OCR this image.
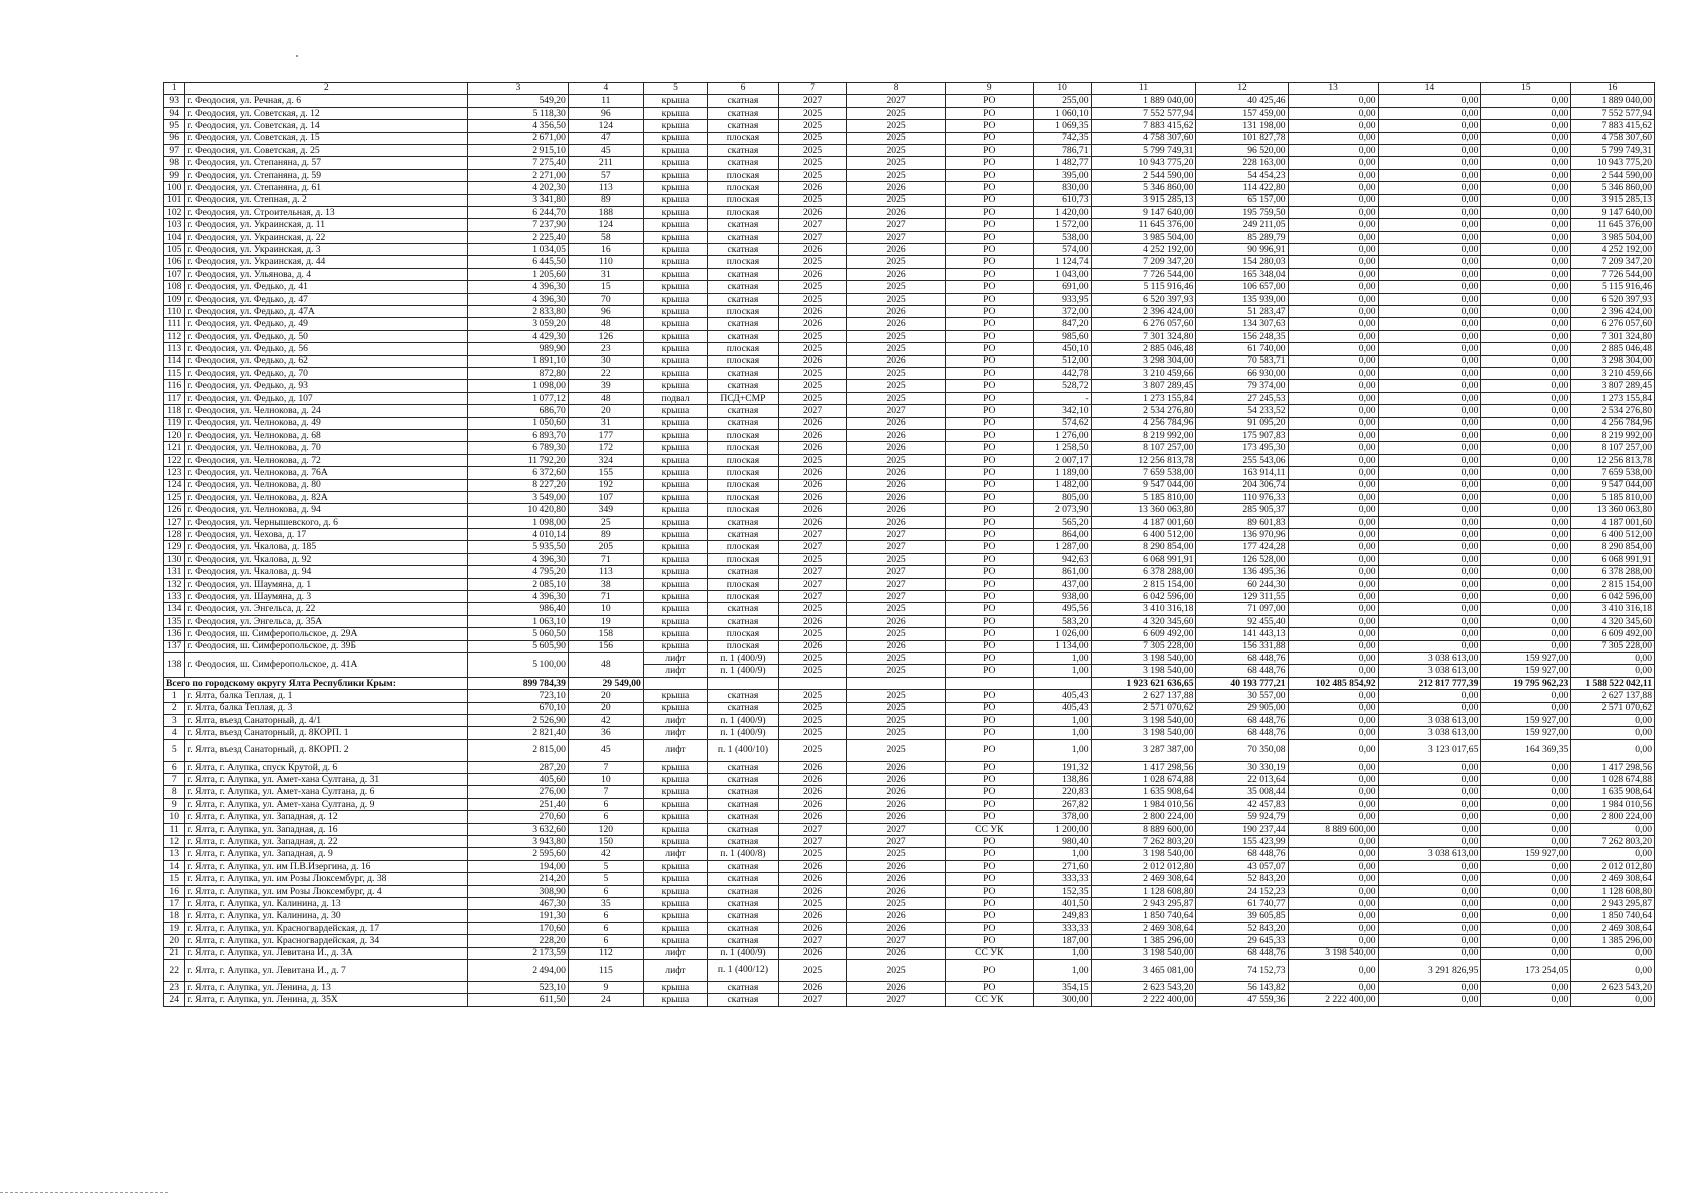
1	2	3	4	5	6	7	8	9	10	11	12	13	14	15	16
93	г. Феодосия, ул. Речная, д. 6	549,20	11	крыша	скатная	2027	2027	РО	255,00	1 889 040,00	40 425,46	0,00	0,00	0,00	1 889 040,00
94	г. Феодосия, ул. Советская, д. 12	5 118,30	96	крыша	скатная	2025	2025	РО	1 060,10	7 552 577,94	157 459,00	0,00	0,00	0,00	7 552 577,94
95	г. Феодосия, ул. Советская, д. 14	4 356,50	124	крыша	скатная	2025	2025	РО	1 069,35	7 883 415,62	131 198,00	0,00	0,00	0,00	7 883 415,62
96	г. Феодосия, ул. Советская, д. 15	2 671,00	47	крыша	плоская	2025	2025	РО	742,35	4 758 307,60	101 827,78	0,00	0,00	0,00	4 758 307,60
97	г. Феодосия, ул. Советская, д. 25	2 915,10	45	крыша	скатная	2025	2025	РО	786,71	5 799 749,31	96 520,00	0,00	0,00	0,00	5 799 749,31
98	г. Феодосия, ул. Степаняна, д. 57	7 275,40	211	крыша	скатная	2025	2025	РО	1 482,77	10 943 775,20	228 163,00	0,00	0,00	0,00	10 943 775,20
99	г. Феодосия, ул. Степаняна, д. 59	2 271,00	57	крыша	плоская	2025	2025	РО	395,00	2 544 590,00	54 454,23	0,00	0,00	0,00	2 544 590,00
100	г. Феодосия, ул. Степаняна, д. 61	4 202,30	113	крыша	плоская	2026	2026	РО	830,00	5 346 860,00	114 422,80	0,00	0,00	0,00	5 346 860,00
101	г. Феодосия, ул. Степная, д. 2	3 341,80	89	крыша	плоская	2025	2025	РО	610,73	3 915 285,13	65 157,00	0,00	0,00	0,00	3 915 285,13
102	г. Феодосия, ул. Строительная, д. 13	6 244,70	188	крыша	плоская	2026	2026	РО	1 420,00	9 147 640,00	195 759,50	0,00	0,00	0,00	9 147 640,00
103	г. Феодосия, ул. Украинская, д. 11	7 237,90	124	крыша	скатная	2027	2027	РО	1 572,00	11 645 376,00	249 211,05	0,00	0,00	0,00	11 645 376,00
104	г. Феодосия, ул. Украинская, д. 22	2 225,40	58	крыша	скатная	2027	2027	РО	538,00	3 985 504,00	85 289,79	0,00	0,00	0,00	3 985 504,00
105	г. Феодосия, ул. Украинская, д. 3	1 034,05	16	крыша	скатная	2026	2026	РО	574,00	4 252 192,00	90 996,91	0,00	0,00	0,00	4 252 192,00
106	г. Феодосия, ул. Украинская, д. 44	6 445,50	110	крыша	плоская	2025	2025	РО	1 124,74	7 209 347,20	154 280,03	0,00	0,00	0,00	7 209 347,20
107	г. Феодосия, ул. Ульянова, д. 4	1 205,60	31	крыша	скатная	2026	2026	РО	1 043,00	7 726 544,00	165 348,04	0,00	0,00	0,00	7 726 544,00
108	г. Феодосия, ул. Федько, д. 41	4 396,30	15	крыша	скатная	2025	2025	РО	691,00	5 115 916,46	106 657,00	0,00	0,00	0,00	5 115 916,46
109	г. Феодосия, ул. Федько, д. 47	4 396,30	70	крыша	скатная	2025	2025	РО	933,95	6 520 397,93	135 939,00	0,00	0,00	0,00	6 520 397,93
110	г. Феодосия, ул. Федько, д. 47А	2 833,80	96	крыша	плоская	2026	2026	РО	372,00	2 396 424,00	51 283,47	0,00	0,00	0,00	2 396 424,00
111	г. Феодосия, ул. Федько, д. 49	3 059,20	48	крыша	скатная	2026	2026	РО	847,20	6 276 057,60	134 307,63	0,00	0,00	0,00	6 276 057,60
112	г. Феодосия, ул. Федько, д. 50	4 429,30	126	крыша	скатная	2025	2025	РО	985,60	7 301 324,80	156 248,35	0,00	0,00	0,00	7 301 324,80
113	г. Феодосия, ул. Федько, д. 56	989,90	23	крыша	плоская	2025	2025	РО	450,10	2 885 046,48	61 740,00	0,00	0,00	0,00	2 885 046,48
114	г. Феодосия, ул. Федько, д. 62	1 891,10	30	крыша	плоская	2026	2026	РО	512,00	3 298 304,00	70 583,71	0,00	0,00	0,00	3 298 304,00
115	г. Феодосия, ул. Федько, д. 70	872,80	22	крыша	скатная	2025	2025	РО	442,78	3 210 459,66	66 930,00	0,00	0,00	0,00	3 210 459,66
116	г. Феодосия, ул. Федько, д. 93	1 098,00	39	крыша	скатная	2025	2025	РО	528,72	3 807 289,45	79 374,00	0,00	0,00	0,00	3 807 289,45
117	г. Феодосия, ул. Федько, д. 107	1 077,12	48	подвал	ПСД+СМР	2025	2025	РО	-	1 273 155,84	27 245,53	0,00	0,00	0,00	1 273 155,84
118	г. Феодосия, ул. Челнокова, д. 24	686,70	20	крыша	скатная	2027	2027	РО	342,10	2 534 276,80	54 233,52	0,00	0,00	0,00	2 534 276,80
119	г. Феодосия, ул. Челнокова, д. 49	1 050,60	31	крыша	скатная	2026	2026	РО	574,62	4 256 784,96	91 095,20	0,00	0,00	0,00	4 256 784,96
120	г. Феодосия, ул. Челнокова, д. 68	6 893,70	177	крыша	плоская	2026	2026	РО	1 276,00	8 219 992,00	175 907,83	0,00	0,00	0,00	8 219 992,00
121	г. Феодосия, ул. Челнокова, д. 70	6 789,30	172	крыша	плоская	2026	2026	РО	1 258,50	8 107 257,00	173 495,30	0,00	0,00	0,00	8 107 257,00
122	г. Феодосия, ул. Челнокова, д. 72	11 792,20	324	крыша	плоская	2025	2025	РО	2 007,17	12 256 813,78	255 543,06	0,00	0,00	0,00	12 256 813,78
123	г. Феодосия, ул. Челнокова, д. 76А	6 372,60	155	крыша	плоская	2026	2026	РО	1 189,00	7 659 538,00	163 914,11	0,00	0,00	0,00	7 659 538,00
124	г. Феодосия, ул. Челнокова, д. 80	8 227,20	192	крыша	плоская	2026	2026	РО	1 482,00	9 547 044,00	204 306,74	0,00	0,00	0,00	9 547 044,00
125	г. Феодосия, ул. Челнокова, д. 82А	3 549,00	107	крыша	плоская	2026	2026	РО	805,00	5 185 810,00	110 976,33	0,00	0,00	0,00	5 185 810,00
126	г. Феодосия, ул. Челнокова, д. 94	10 420,80	349	крыша	плоская	2026	2026	РО	2 073,90	13 360 063,80	285 905,37	0,00	0,00	0,00	13 360 063,80
127	г. Феодосия, ул. Чернышевского, д. 6	1 098,00	25	крыша	скатная	2026	2026	РО	565,20	4 187 001,60	89 601,83	0,00	0,00	0,00	4 187 001,60
128	г. Феодосия, ул. Чехова, д. 17	4 010,14	89	крыша	скатная	2027	2027	РО	864,00	6 400 512,00	136 970,96	0,00	0,00	0,00	6 400 512,00
129	г. Феодосия, ул. Чкалова, д. 185	5 935,50	205	крыша	плоская	2027	2027	РО	1 287,00	8 290 854,00	177 424,28	0,00	0,00	0,00	8 290 854,00
130	г. Феодосия, ул. Чкалова, д. 92	4 396,30	71	крыша	плоская	2025	2025	РО	942,63	6 068 991,91	126 528,00	0,00	0,00	0,00	6 068 991,91
131	г. Феодосия, ул. Чкалова, д. 94	4 795,20	113	крыша	скатная	2027	2027	РО	861,00	6 378 288,00	136 495,36	0,00	0,00	0,00	6 378 288,00
132	г. Феодосия, ул. Шаумяна, д. 1	2 085,10	38	крыша	плоская	2027	2027	РО	437,00	2 815 154,00	60 244,30	0,00	0,00	0,00	2 815 154,00
133	г. Феодосия, ул. Шаумяна, д. 3	4 396,30	71	крыша	плоская	2027	2027	РО	938,00	6 042 596,00	129 311,55	0,00	0,00	0,00	6 042 596,00
134	г. Феодосия, ул. Энгельса, д. 22	986,40	10	крыша	скатная	2025	2025	РО	495,56	3 410 316,18	71 097,00	0,00	0,00	0,00	3 410 316,18
135	г. Феодосия, ул. Энгельса, д. 35А	1 063,10	19	крыша	скатная	2026	2026	РО	583,20	4 320 345,60	92 455,40	0,00	0,00	0,00	4 320 345,60
136	г. Феодосия, ш. Симферопольское, д. 29А	5 060,50	158	крыша	плоская	2025	2025	РО	1 026,00	6 609 492,00	141 443,13	0,00	0,00	0,00	6 609 492,00
137	г. Феодосия, ш. Симферопольское, д. 39Б	5 605,90	156	крыша	плоская	2026	2026	РО	1 134,00	7 305 228,00	156 331,88	0,00	0,00	0,00	7 305 228,00
138	г. Феодосия, ш. Симферопольское, д. 41А	5 100,00	48	лифт	п. 1 (400/9)	2025	2025	РО	1,00	3 198 540,00	68 448,76	0,00	3 038 613,00	159 927,00	0,00
				лифт	п. 1 (400/9)	2025	2025	РО	1,00	3 198 540,00	68 448,76	0,00	3 038 613,00	159 927,00	0,00
Всего по городскому округу Ялта Республики Крым:		899 784,39	29 549,00							1 923 621 636,65	40 193 777,21	102 485 854,92	212 817 777,39	19 795 962,23	1 588 522 042,11
1	г. Ялта, балка Теплая, д. 1	723,10	20	крыша	скатная	2025	2025	РО	405,43	2 627 137,88	30 557,00	0,00	0,00	0,00	2 627 137,88
2	г. Ялта, балка Теплая, д. 3	670,10	20	крыша	скатная	2025	2025	РО	405,43	2 571 070,62	29 905,00	0,00	0,00	0,00	2 571 070,62
3	г. Ялта, въезд Санаторный, д. 4/1	2 526,90	42	лифт	п. 1 (400/9)	2025	2025	РО	1,00	3 198 540,00	68 448,76	0,00	3 038 613,00	159 927,00	0,00
4	г. Ялта, въезд Санаторный, д. 8КОРП. 1	2 821,40	36	лифт	п. 1 (400/9)	2025	2025	РО	1,00	3 198 540,00	68 448,76	0,00	3 038 613,00	159 927,00	0,00
5	г. Ялта, въезд Санаторный, д. 8КОРП. 2	2 815,00	45	лифт	п. 1 (400/10)	2025	2025	РО	1,00	3 287 387,00	70 350,08	0,00	3 123 017,65	164 369,35	0,00
6	г. Ялта, г. Алупка, спуск Крутой, д. 6	287,20	7	крыша	скатная	2026	2026	РО	191,32	1 417 298,56	30 330,19	0,00	0,00	0,00	1 417 298,56
7	г. Ялта, г. Алупка, ул. Амет-хана Султана, д. 31	405,60	10	крыша	скатная	2026	2026	РО	138,86	1 028 674,88	22 013,64	0,00	0,00	0,00	1 028 674,88
8	г. Ялта, г. Алупка, ул. Амет-хана Султана, д. 6	276,00	7	крыша	скатная	2026	2026	РО	220,83	1 635 908,64	35 008,44	0,00	0,00	0,00	1 635 908,64
9	г. Ялта, г. Алупка, ул. Амет-хана Султана, д. 9	251,40	6	крыша	скатная	2026	2026	РО	267,82	1 984 010,56	42 457,83	0,00	0,00	0,00	1 984 010,56
10	г. Ялта, г. Алупка, ул. Западная, д. 12	270,60	6	крыша	скатная	2026	2026	РО	378,00	2 800 224,00	59 924,79	0,00	0,00	0,00	2 800 224,00
11	г. Ялта, г. Алупка, ул. Западная, д. 16	3 632,60	120	крыша	скатная	2027	2027	СС УК	1 200,00	8 889 600,00	190 237,44	8 889 600,00	0,00	0,00	0,00
12	г. Ялта, г. Алупка, ул. Западная, д. 22	3 943,80	150	крыша	скатная	2027	2027	РО	980,40	7 262 803,20	155 423,99	0,00	0,00	0,00	7 262 803,20
13	г. Ялта, г. Алупка, ул. Западная, д. 9	2 595,60	42	лифт	п. 1 (400/8)	2025	2025	РО	1,00	3 198 540,00	68 448,76	0,00	3 038 613,00	159 927,00	0,00
14	г. Ялта, г. Алупка, ул. им П.В.Изергина, д. 16	194,00	5	крыша	скатная	2026	2026	РО	271,60	2 012 012,80	43 057,07	0,00	0,00	0,00	2 012 012,80
15	г. Ялта, г. Алупка, ул. им Розы Люксембург, д. 38	214,20	5	крыша	скатная	2026	2026	РО	333,33	2 469 308,64	52 843,20	0,00	0,00	0,00	2 469 308,64
16	г. Ялта, г. Алупка, ул. им Розы Люксембург, д. 4	308,90	6	крыша	скатная	2026	2026	РО	152,35	1 128 608,80	24 152,23	0,00	0,00	0,00	1 128 608,80
17	г. Ялта, г. Алупка, ул. Калинина, д. 13	467,30	35	крыша	скатная	2025	2025	РО	401,50	2 943 295,87	61 740,77	0,00	0,00	0,00	2 943 295,87
18	г. Ялта, г. Алупка, ул. Калинина, д. 30	191,30	6	крыша	скатная	2026	2026	РО	249,83	1 850 740,64	39 605,85	0,00	0,00	0,00	1 850 740,64
19	г. Ялта, г. Алупка, ул. Красногвардейская, д. 17	170,60	6	крыша	скатная	2026	2026	РО	333,33	2 469 308,64	52 843,20	0,00	0,00	0,00	2 469 308,64
20	г. Ялта, г. Алупка, ул. Красногвардейская, д. 34	228,20	6	крыша	скатная	2027	2027	РО	187,00	1 385 296,00	29 645,33	0,00	0,00	0,00	1 385 296,00
21	г. Ялта, г. Алупка, ул. Левитана И., д. 3А	2 173,59	112	лифт	п. 1 (400/9)	2026	2026	СС УК	1,00	3 198 540,00	68 448,76	3 198 540,00	0,00	0,00	0,00
22	г. Ялта, г. Алупка, ул. Левитана И., д. 7	2 494,00	115	лифт	п. 1 (400/12)	2025	2025	РО	1,00	3 465 081,00	74 152,73	0,00	3 291 826,95	173 254,05	0,00
23	г. Ялта, г. Алупка, ул. Ленина, д. 13	523,10	9	крыша	скатная	2026	2026	РО	354,15	2 623 543,20	56 143,82	0,00	0,00	0,00	2 623 543,20
24	г. Ялта, г. Алупка, ул. Ленина, д. 35Х	611,50	24	крыша	скатная	2027	2027	СС УК	300,00	2 222 400,00	47 559,36	2 222 400,00	0,00	0,00	0,00
